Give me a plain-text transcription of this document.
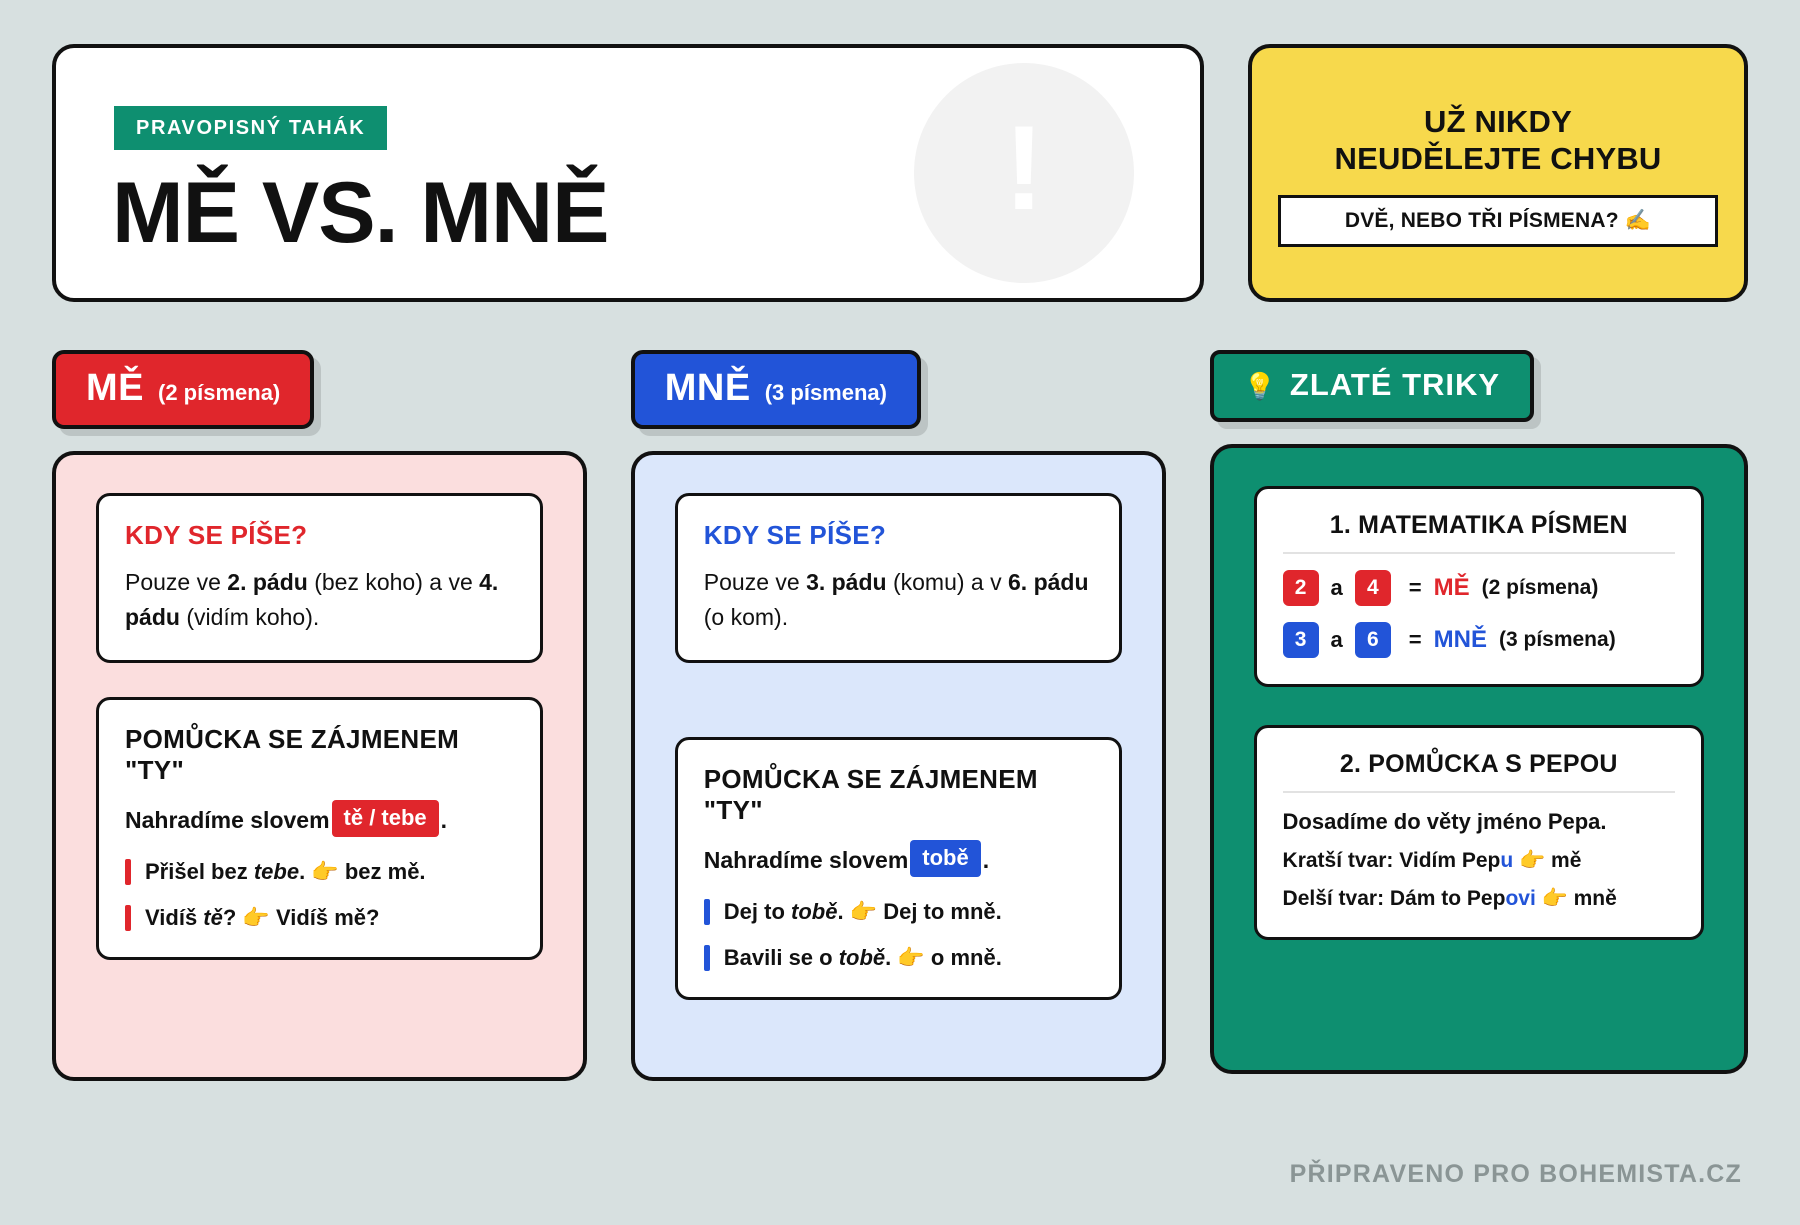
PRAVOPISNÝ TAHÁK
MĚ VS. MNĚ	!	UŽ NIKDY
NEUDĚLEJTE CHYBU
DVĚ, NEBO TŘI PÍSMENA? ✍️
MĚ (2 písmena)
KDY SE PÍŠE?

Pouze ve 2. pádu (bez koho) a ve 4. pádu (vidím koho).

POMŮCKA SE ZÁJMENEM "TY"
Nahradíme slovem tě / tebe .
Přišel bez tebe. 👉 bez mě.
Vidíš tě? 👉 Vidíš mě?
MNĚ (3 písmena)
KDY SE PÍŠE?

Pouze ve 3. pádu (komu) a v 6. pádu (o kom).

POMŮCKA SE ZÁJMENEM "TY"
Nahradíme slovem tobě .
Dej to tobě. 👉 Dej to mně.
Bavili se o tobě. 👉 o mně.
💡 ZLATÉ TRIKY
1. MATEMATIKA PÍSMEN
2	a	4	= MĚ (2 písmena)
3	a	6	= MNĚ (3 písmena)
2. POMŮCKA S PEPOU
Dosadíme do věty jméno Pepa.
Kratší tvar: Vidím Pepu 👉 mě
Delší tvar: Dám to Pepovi 👉 mně
PŘIPRAVENO PRO BOHEMISTA.CZ
